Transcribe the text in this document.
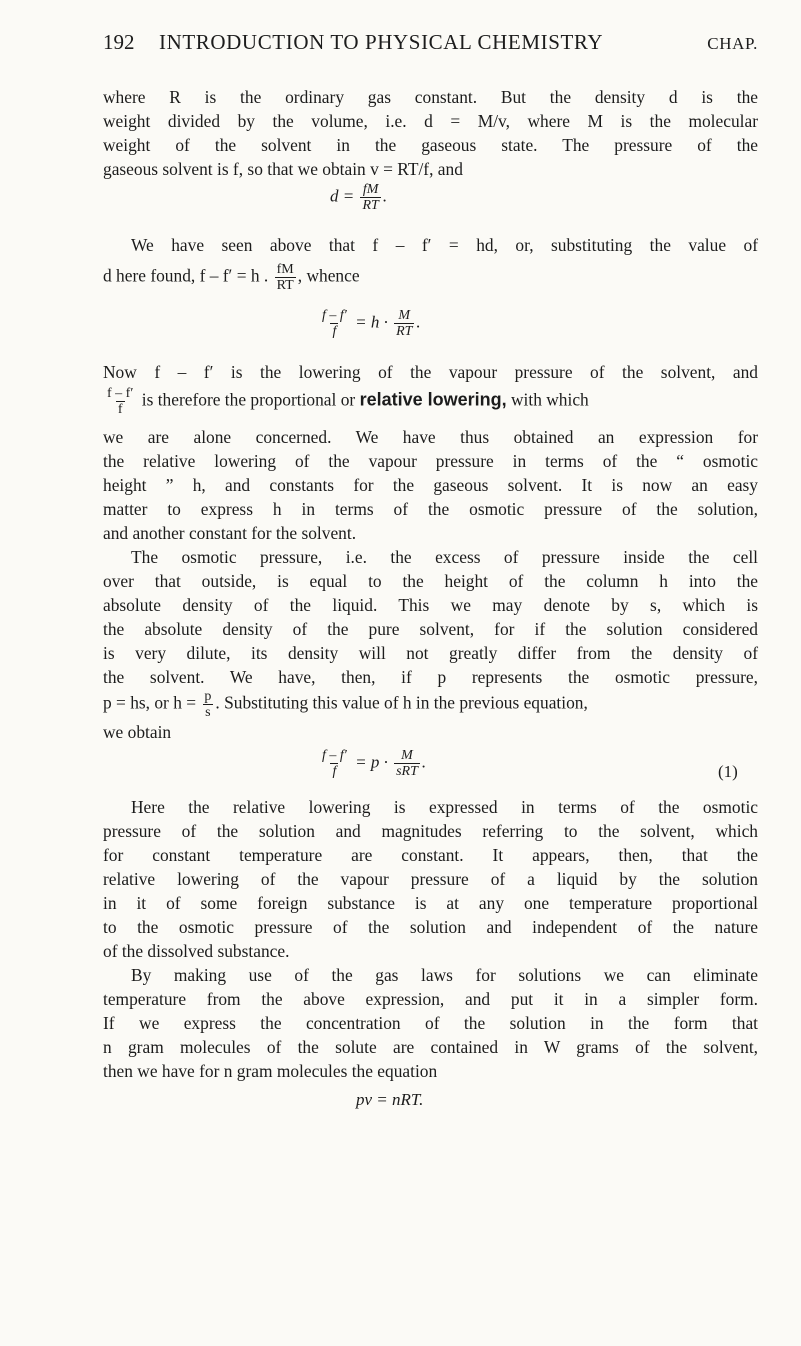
192	INTRODUCTION TO PHYSICAL CHEMISTRY	CHAP.
where R is the ordinary gas constant. But the density d is the
weight divided by the volume, i.e. d = M/v, where M is the molecular
weight of the solvent in the gaseous state. The pressure of the
gaseous solvent is f, so that we obtain v = RT/f, and
$d = \frac{fM}{RT}$ .
We have seen above that f – f′ = hd, or, substituting the value of
d here found, f – f′ = h . $\frac{fM}{RT}$ , whence
$\frac{f - f'}{f} = h \cdot \frac{M}{RT}$ .
Now f – f′ is the lowering of the vapour pressure of the solvent, and
$\frac{f - f'}{f}$ is therefore the proportional or relative lowering, with which
we are alone concerned. We have thus obtained an expression for
the relative lowering of the vapour pressure in terms of the “ osmotic
height ” h, and constants for the gaseous solvent. It is now an easy
matter to express h in terms of the osmotic pressure of the solution,
and another constant for the solvent.
The osmotic pressure, i.e. the excess of pressure inside the cell
over that outside, is equal to the height of the column h into the
absolute density of the liquid. This we may denote by s, which is
the absolute density of the pure solvent, for if the solution considered
is very dilute, its density will not greatly differ from the density of
the solvent. We have, then, if p represents the osmotic pressure,
p = hs, or $h = \frac{p}{s}$ . Substituting this value of h in the previous equation,
we obtain
$\frac{f - f'}{f} = p \cdot \frac{M}{\text{sRT}}$ .
(1)
Here the relative lowering is expressed in terms of the osmotic
pressure of the solution and magnitudes referring to the solvent, which
for constant temperature are constant. It appears, then, that the
relative lowering of the vapour pressure of a liquid by the solution
in it of some foreign substance is at any one temperature proportional
to the osmotic pressure of the solution and independent of the nature
of the dissolved substance.
By making use of the gas laws for solutions we can eliminate
temperature from the above expression, and put it in a simpler form.
If we express the concentration of the solution in the form that
n gram molecules of the solute are contained in W grams of the solvent,
then we have for n gram molecules the equation
pv = nRT.
